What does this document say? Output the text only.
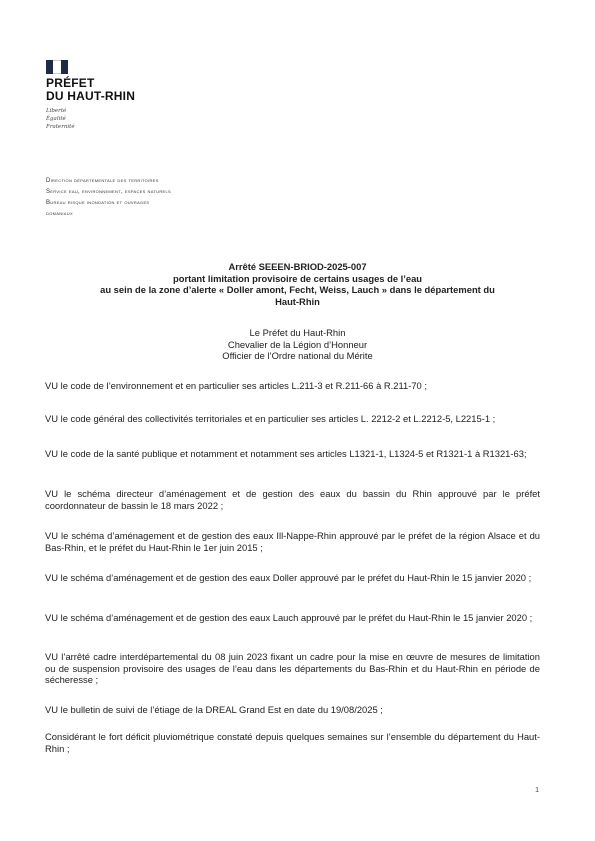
PRÉFET
DU HAUT-RHIN
Liberté
Égalité
Fraternité
Direction départementale des territoires
Service eau, environnement, espaces naturels
Bureau risque inondation et ouvrages
domaniaux
Arrêté SEEEN-BRIOD-2025-007
portant limitation provisoire de certains usages de l’eau
au sein de la zone d’alerte « Doller amont, Fecht, Weiss, Lauch » dans le département du
Haut-Rhin
Le Préfet du Haut-Rhin
Chevalier de la Légion d’Honneur
Officier de l’Ordre national du Mérite
VU le code de l’environnement et en particulier ses articles L.211-3 et R.211-66 à R.211-70 ;
VU le code général des collectivités territoriales et en particulier ses articles L. 2212-2 et L.2212-5, L2215-1 ;
VU le code de la santé publique et notamment et notamment ses articles L1321-1, L1324-5 et R1321-1 à R1321-63;
VU le schéma directeur d’aménagement et de gestion des eaux du bassin du Rhin approuvé par le préfet coordonnateur de bassin le 18 mars 2022 ;
VU le schéma d’aménagement et de gestion des eaux Ill-Nappe-Rhin approuvé par le préfet de la région Alsace et du Bas-Rhin, et le préfet du Haut-Rhin le 1er juin 2015 ;
VU le schéma d’aménagement et de gestion des eaux Doller approuvé par le préfet du Haut-Rhin le 15 janvier 2020 ;
VU le schéma d’aménagement et de gestion des eaux Lauch approuvé par le préfet du Haut-Rhin le 15 janvier 2020 ;
VU l’arrêté cadre interdépartemental du 08 juin 2023 fixant un cadre pour la mise en œuvre de mesures de limitation ou de suspension provisoire des usages de l’eau dans les départements du Bas-Rhin et du Haut-Rhin en période de sécheresse ;
VU le bulletin de suivi de l’étiage de la DREAL Grand Est en date du 19/08/2025 ;
Considérant le fort déficit pluviométrique constaté depuis quelques semaines sur l’ensemble du département du Haut-Rhin ;
1
